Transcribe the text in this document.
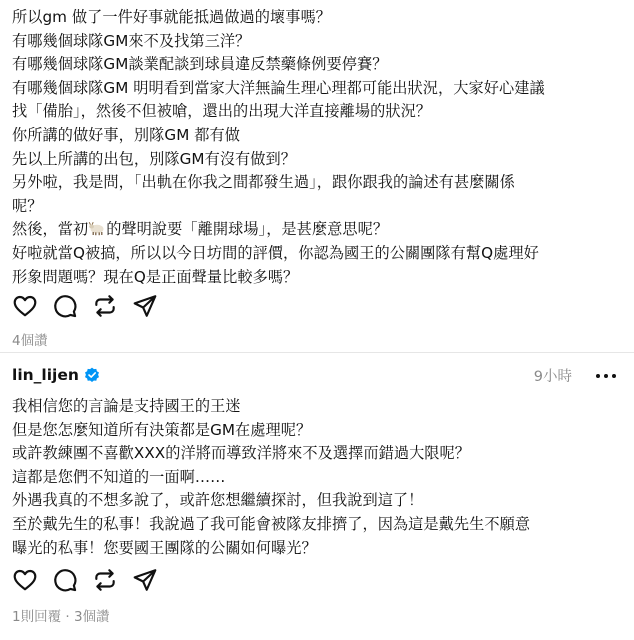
所以gm 做了一件好事就能抵過做過的壞事嗎？
有哪幾個球隊GM來不及找第三洋？
有哪幾個球隊GM談業配談到球員違反禁藥條例要停賽？
有哪幾個球隊GM 明明看到當家大洋無論生理心理都可能出狀況，大家好心建議
找「備胎」，然後不但被嗆，還出的出現大洋直接離場的狀況？
你所講的做好事，別隊GM 都有做
先以上所講的出包，別隊GM有沒有做到？
另外啦，我是問，「出軌在你我之間都發生過」，跟你跟我的論述有甚麼關係
呢？
然後，當初 的聲明說要「離開球場」，是甚麼意思呢？
好啦就當Q被搞，所以以今日坊間的評價，你認為國王的公關團隊有幫Q處理好
形象問題嗎？現在Q是正面聲量比較多嗎？
4個讚
lin_lijen	9小時
我相信您的言論是支持國王的王迷
但是您怎麼知道所有決策都是GM在處理呢？
或許教練團不喜歡XXX的洋將而導致洋將來不及選擇而錯過大限呢？
這都是您們不知道的一面啊……
外遇我真的不想多說了，或許您想繼續探討，但我說到這了！
至於戴先生的私事！我說過了我可能會被隊友排擠了，因為這是戴先生不願意
曝光的私事！您要國王團隊的公關如何曝光？
1則回覆 · 3個讚
